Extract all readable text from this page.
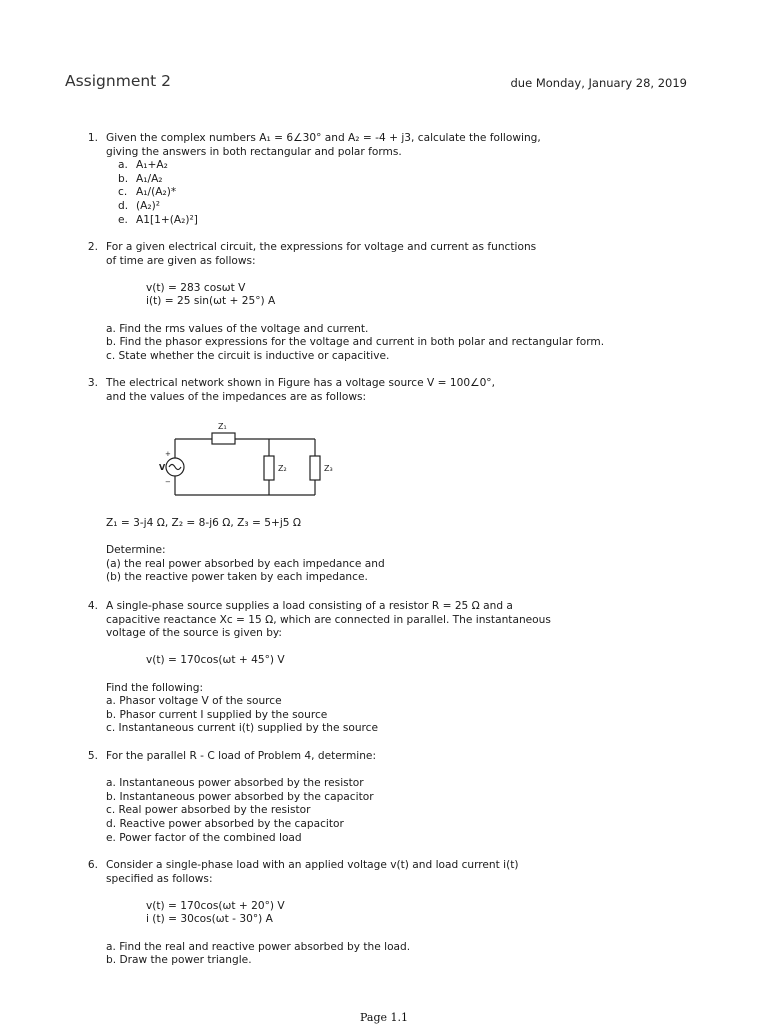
Assignment 2	due Monday, January 28, 2019
1. Given the complex numbers A₁ = 6∠30° and A₂ = -4 + j3, calculate the following,
giving the answers in both rectangular and polar forms.
a. A₁+A₂
b. A₁/A₂
c. A₁/(A₂)*
d. (A₂)²
e. A1[1+(A₂)²]
2. For a given electrical circuit, the expressions for voltage and current as functions
of time are given as follows:
v(t) = 283 cosωt V
i(t) = 25 sin(ωt + 25°) A
a. Find the rms values of the voltage and current.
b. Find the phasor expressions for the voltage and current in both polar and rectangular form.
c. State whether the circuit is inductive or capacitive.
3. The electrical network shown in Figure has a voltage source V = 100∠0°,
and the values of the impedances are as follows:
Z₁
Z₂	Z₃
V
+
−
Z₁ = 3-j4 Ω, Z₂ = 8-j6 Ω, Z₃ = 5+j5 Ω
Determine:
(a) the real power absorbed by each impedance and
(b) the reactive power taken by each impedance.
4. A single-phase source supplies a load consisting of a resistor R = 25 Ω and a
capacitive reactance Xc = 15 Ω, which are connected in parallel. The instantaneous
voltage of the source is given by:
v(t) = 170cos(ωt + 45°) V
Find the following:
a. Phasor voltage V of the source
b. Phasor current I supplied by the source
c. Instantaneous current i(t) supplied by the source
5. For the parallel R - C load of Problem 4, determine:
a. Instantaneous power absorbed by the resistor
b. Instantaneous power absorbed by the capacitor
c. Real power absorbed by the resistor
d. Reactive power absorbed by the capacitor
e. Power factor of the combined load
6. Consider a single-phase load with an applied voltage v(t) and load current i(t)
specified as follows:
v(t) = 170cos(ωt + 20°) V
i (t) = 30cos(ωt - 30°) A
a. Find the real and reactive power absorbed by the load.
b. Draw the power triangle.
Page 1.1
